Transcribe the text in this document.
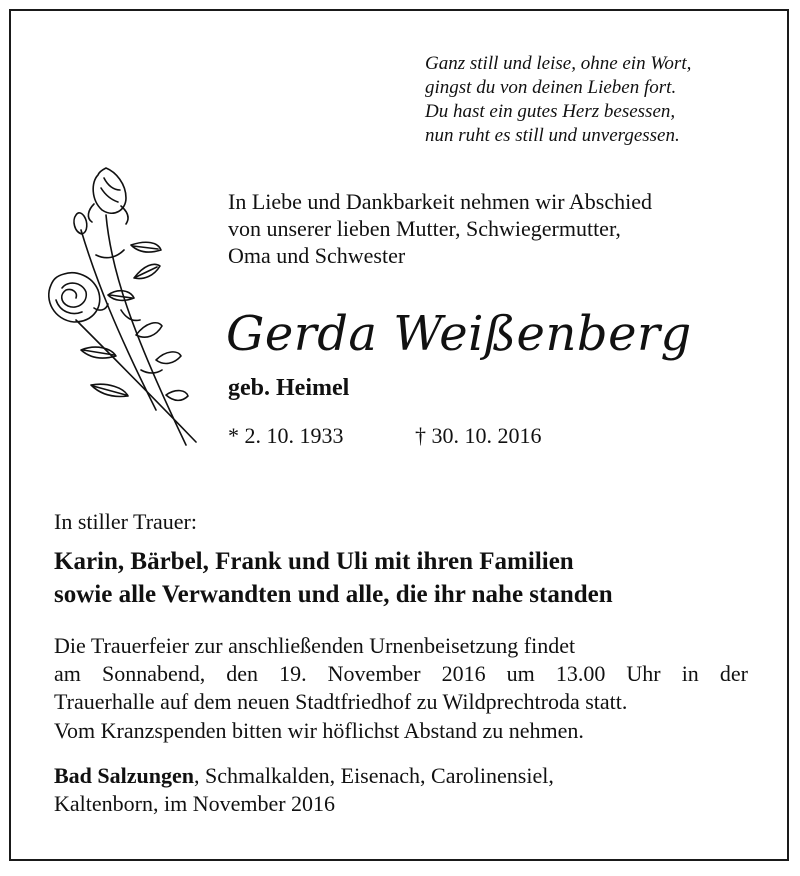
Ganz still und leise, ohne ein Wort,
gingst du von deinen Lieben fort.
Du hast ein gutes Herz besessen,
nun ruht es still und unvergessen.
In Liebe und Dankbarkeit nehmen wir Abschied
von unserer lieben Mutter, Schwiegermutter,
Oma und Schwester
Gerda Weißenberg
geb. Heimel
* 2. 10. 1933	† 30. 10. 2016
In stiller Trauer:
Karin, Bärbel, Frank und Uli mit ihren Familien
sowie alle Verwandten und alle, die ihr nahe standen
Die Trauerfeier zur anschließenden Urnenbeisetzung findet
am Sonnabend, den 19. November 2016 um 13.00 Uhr in der
Trauerhalle auf dem neuen Stadtfriedhof zu Wildprechtroda statt.
Vom Kranzspenden bitten wir höflichst Abstand zu nehmen.
Bad Salzungen, Schmalkalden, Eisenach, Carolinensiel,
Kaltenborn, im November 2016
